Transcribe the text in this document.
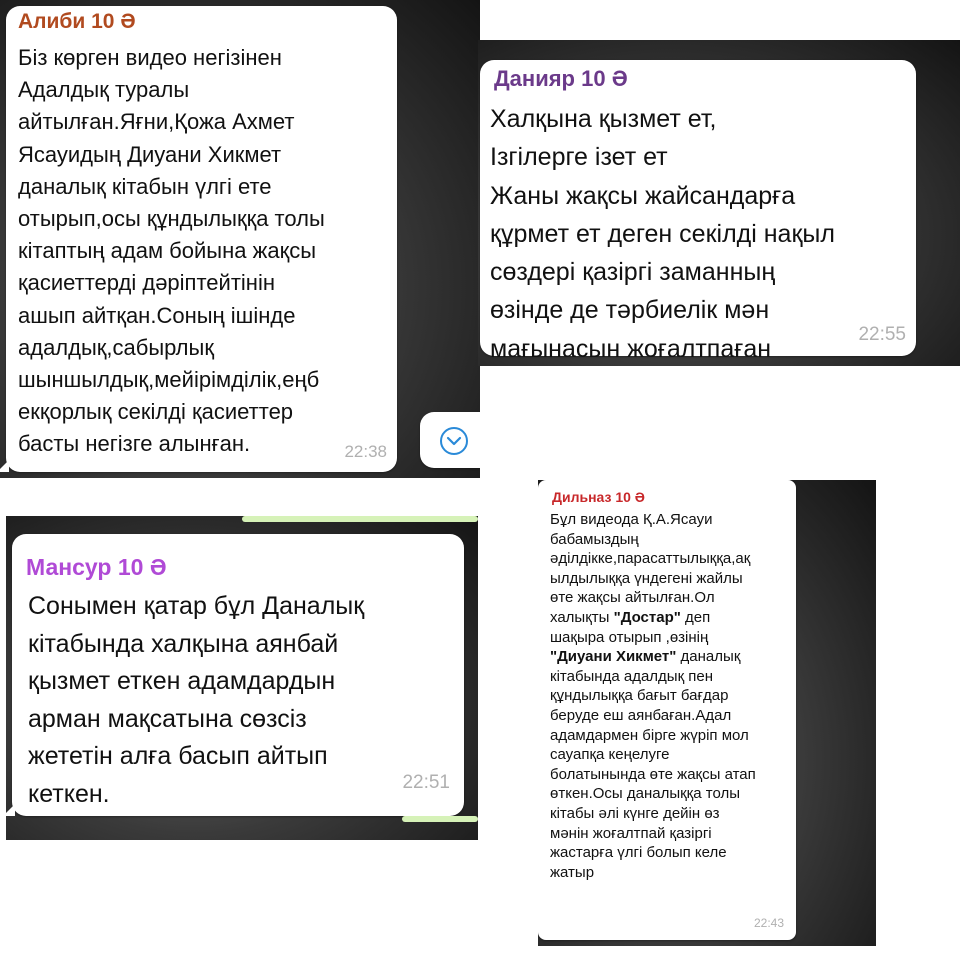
Алиби 10 Ә

Біз көрген видео негізінен
Адалдық туралы
айтылған.Яғни,Қожа Ахмет
Ясауидың Диуани Хикмет
даналық кітабын үлгі ете
отырып,осы құндылыққа толы
кітаптың адам бойына жақсы
қасиеттерді дәріптейтінін
ашып айтқан.Соның ішінде
адалдық,сабырлық
шыншылдық,мейірімділік,еңб
екқорлық секілді қасиеттер
басты негізге алынған.	22:38
Данияр 10 Ә

Халқына қызмет ет,
Ізгілерге ізет ет
Жаны жақсы жайсандарға
құрмет ет деген секілді нақыл
сөздері қазіргі заманның
өзінде де тәрбиелік мән
мағынасын жоғалтпаған

22:55
Мансур 10 Ә

Сонымен қатар бұл Даналық
кітабында халқына аянбай
қызмет еткен адамдардын
арман мақсатына сөзсіз
жететін алға басып айтып
кеткен.	22:51
Дильназ 10 Ә

Бұл видеода Қ.А.Ясауи
бабамыздың
әділдікке,парасаттылыққа,ақ
ылдылыққа үндегені жайлы
өте жақсы айтылған.Ол
халықты "Достар" деп
шақыра отырып ,өзінің
"Диуани Хикмет" даналық
кітабында адалдық пен
құндылыққа бағыт бағдар
беруде еш аянбаған.Адал
адамдармен бірге жүріп мол
сауапқа кеңелуге
болатынында өте жақсы атап
өткен.Осы даналыққа толы
кітабы әлі күнге дейін өз
мәнін жоғалтпай қазіргі
жастарға үлгі болып келе
жатыр

22:43
